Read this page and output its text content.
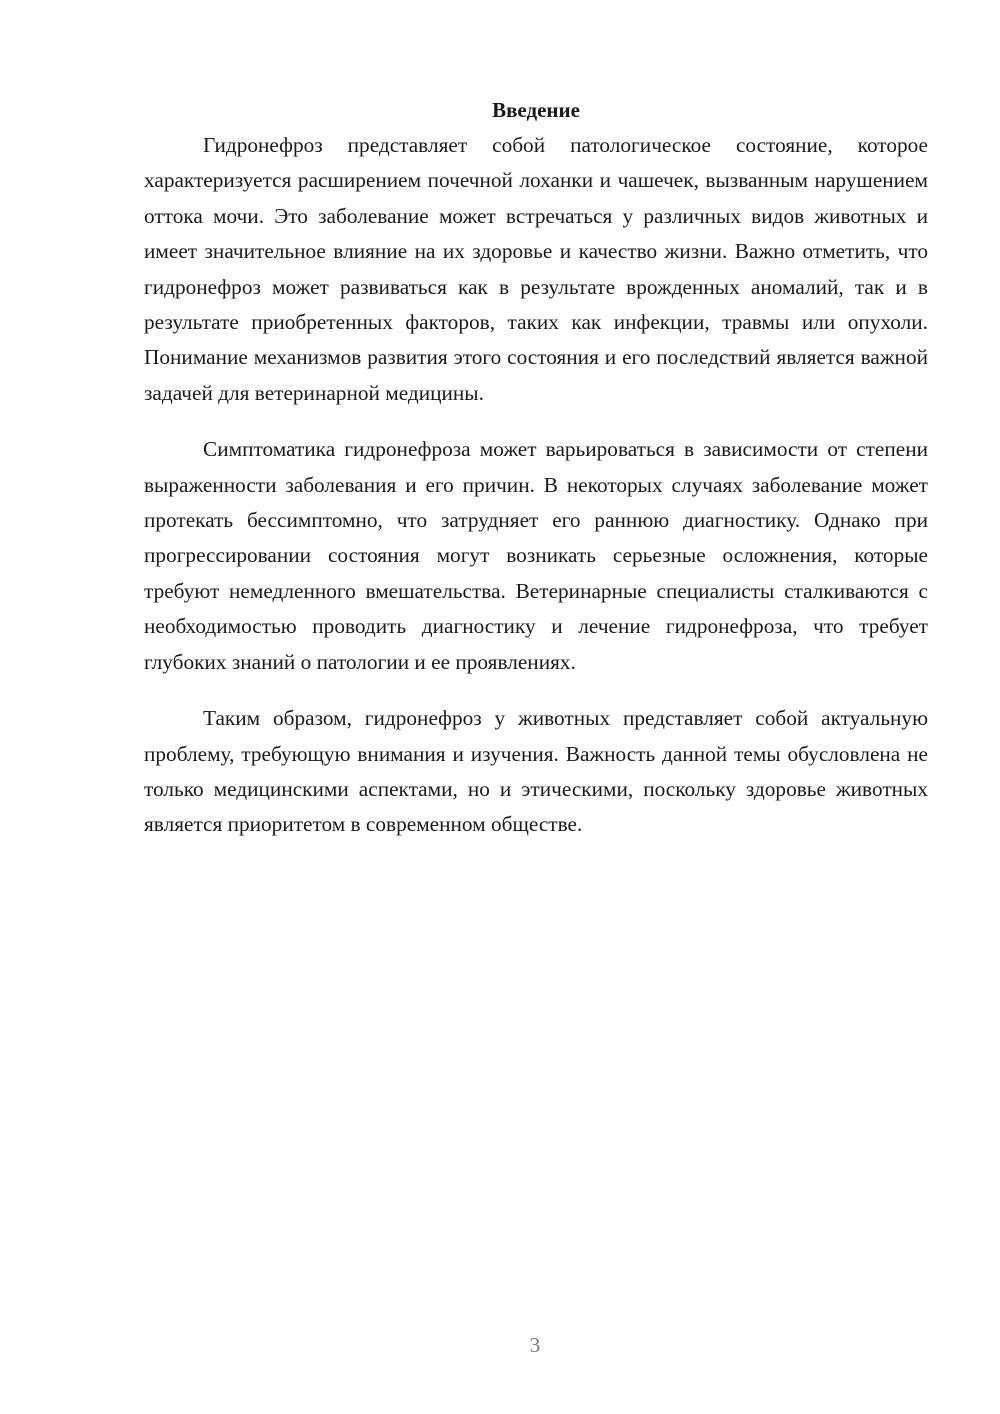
Введение

Гидронефроз представляет собой патологическое состояние, которое характеризуется расширением почечной лоханки и чашечек, вызванным нарушением оттока мочи. Это заболевание может встречаться у различных видов животных и имеет значительное влияние на их здоровье и качество жизни. Важно отметить, что гидронефроз может развиваться как в результате врожденных аномалий, так и в результате приобретенных факторов, таких как инфекции, травмы или опухоли. Понимание механизмов развития этого состояния и его последствий является важной задачей для ветеринарной медицины.

Симптоматика гидронефроза может варьироваться в зависимости от степени выраженности заболевания и его причин. В некоторых случаях заболевание может протекать бессимптомно, что затрудняет его раннюю диагностику. Однако при прогрессировании состояния могут возникать серьезные осложнения, которые требуют немедленного вмешательства. Ветеринарные специалисты сталкиваются с необходимостью проводить диагностику и лечение гидронефроза, что требует глубоких знаний о патологии и ее проявлениях.

Таким образом, гидронефроз у животных представляет собой актуальную проблему, требующую внимания и изучения. Важность данной темы обусловлена не только медицинскими аспектами, но и этическими, поскольку здоровье животных является приоритетом в современном обществе.

3
